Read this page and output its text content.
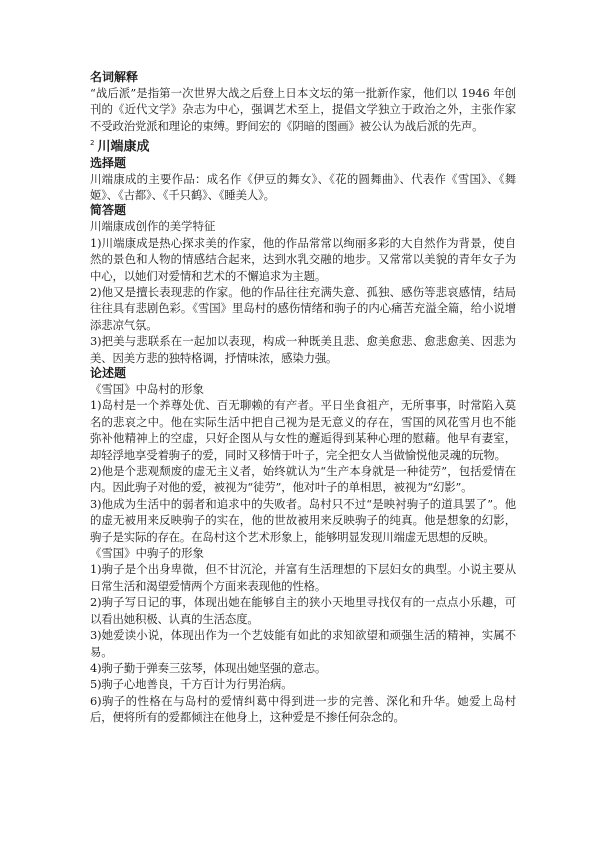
名词解释

“战后派”是指第一次世界大战之后登上日本文坛的第一批新作家，他们以 1946 年创刊的《近代文学》杂志为中心，强调艺术至上，提倡文学独立于政治之外，主张作家不受政治党派和理论的束缚。野间宏的《阴暗的图画》被公认为战后派的先声。

$^2$ 川端康成

选择题

川端康成的主要作品：成名作《伊豆的舞女》、《花的圆舞曲》、代表作《雪国》、《舞姬》、《古都》、《千只鹤》、《睡美人》。

简答题

川端康成创作的美学特征

1)川端康成是热心探求美的作家，他的作品常常以绚丽多彩的大自然作为背景，使自然的景色和人物的情感结合起来，达到水乳交融的地步。又常常以美貌的青年女子为中心，以她们对爱情和艺术的不懈追求为主题。

2)他又是擅长表现悲的作家。他的作品往往充满失意、孤独、感伤等悲哀感情，结局往往具有悲剧色彩。《雪国》里岛村的感伤情绪和驹子的内心痛苦充溢全篇，给小说增添悲凉气氛。

3)把美与悲联系在一起加以表现，构成一种既美且悲、愈美愈悲、愈悲愈美、因悲为美、因美方悲的独特格调，抒情味浓，感染力强。

论述题

《雪国》中岛村的形象

1)岛村是一个养尊处优、百无聊赖的有产者。平日坐食祖产，无所事事，时常陷入莫名的悲哀之中。他在实际生活中把自己视为是无意义的存在，雪国的风花雪月也不能弥补他精神上的空虚，只好企图从与女性的邂逅得到某种心理的慰藉。他早有妻室，却轻浮地享受着驹子的爱，同时又移情于叶子，完全把女人当做愉悦他灵魂的玩物。

2)他是个悲观颓废的虚无主义者，始终就认为“生产本身就是一种徒劳”，包括爱情在内。因此驹子对他的爱，被视为“徒劳”，他对叶子的单相思，被视为“幻影”。

3)他成为生活中的弱者和追求中的失败者。岛村只不过“是映衬驹子的道具罢了”。他的虚无被用来反映驹子的实在，他的世故被用来反映驹子的纯真。他是想象的幻影，驹子是实际的存在。在岛村这个艺术形象上，能够明显发现川端虚无思想的反映。

《雪国》中驹子的形象

1)驹子是个出身卑微，但不甘沉沦，并富有生活理想的下层妇女的典型。小说主要从日常生活和渴望爱情两个方面来表现他的性格。

2)驹子写日记的事，体现出她在能够自主的狭小天地里寻找仅有的一点点小乐趣，可以看出她积极、认真的生活态度。

3)她爱读小说，体现出作为一个艺妓能有如此的求知欲望和顽强生活的精神，实属不易。

4)驹子勤于弹奏三弦琴，体现出她坚强的意志。

5)驹子心地善良，千方百计为行男治病。

6)驹子的性格在与岛村的爱情纠葛中得到进一步的完善、深化和升华。她爱上岛村后，便将所有的爱都倾注在他身上，这种爱是不掺任何杂念的。
